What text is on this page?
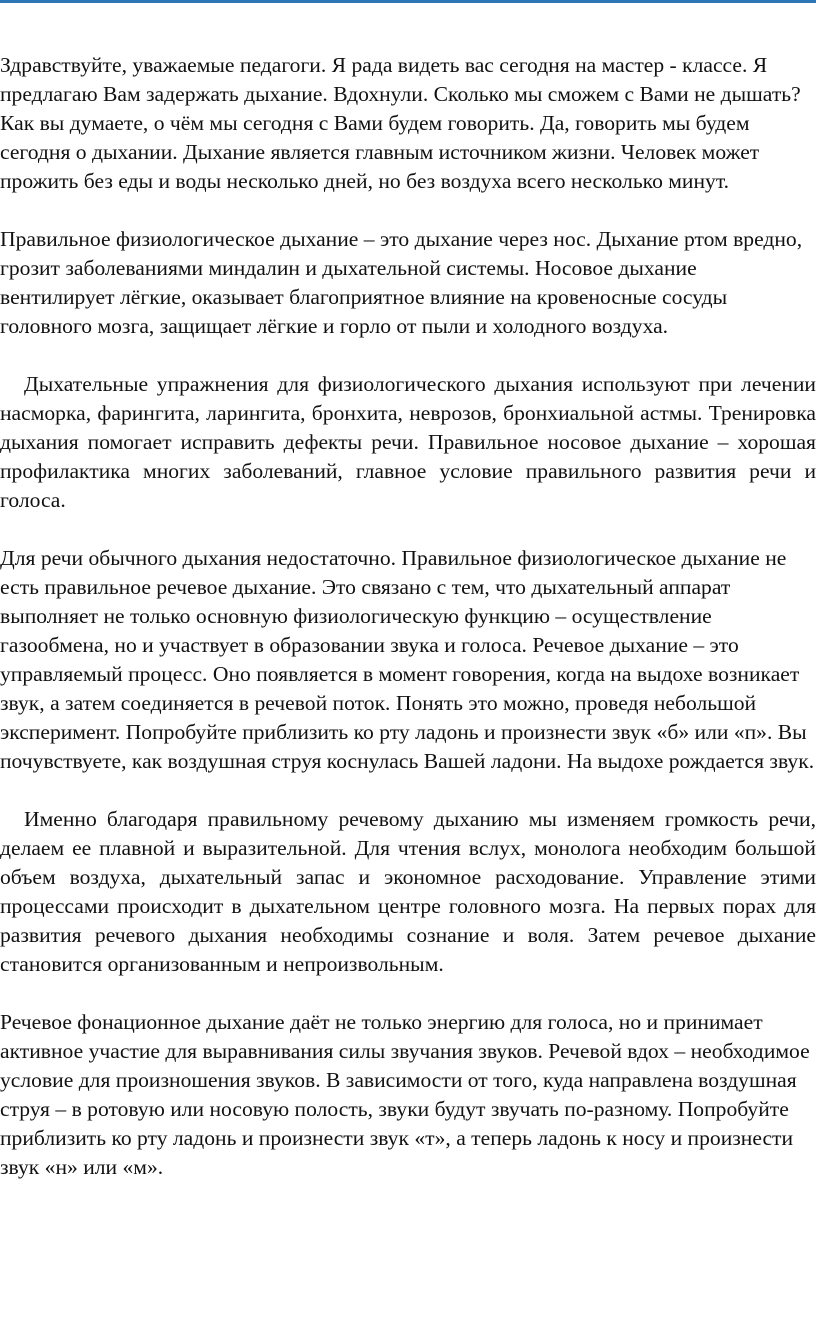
Здравствуйте, уважаемые педагоги. Я рада видеть вас сегодня на мастер - классе. Я предлагаю Вам задержать дыхание. Вдохнули. Сколько мы сможем с Вами не дышать? Как вы думаете, о чём мы сегодня с Вами будем говорить. Да, говорить мы будем сегодня о дыхании. Дыхание является главным источником жизни. Человек может прожить без еды и воды несколько дней, но без воздуха всего несколько минут.

Правильное физиологическое дыхание – это дыхание через нос. Дыхание ртом вредно, грозит заболеваниями миндалин и дыхательной системы. Носовое дыхание вентилирует лёгкие, оказывает благоприятное влияние на кровеносные сосуды головного мозга, защищает лёгкие и горло от пыли и холодного воздуха.

Дыхательные упражнения для физиологического дыхания используют при лечении насморка, фарингита, ларингита, бронхита, неврозов, бронхиальной астмы. Тренировка дыхания помогает исправить дефекты речи. Правильное носовое дыхание – хорошая профилактика многих заболеваний, главное условие правильного развития речи и голоса.

Для речи обычного дыхания недостаточно. Правильное физиологическое дыхание не есть правильное речевое дыхание. Это связано с тем, что дыхательный аппарат выполняет не только основную физиологическую функцию – осуществление газообмена, но и участвует в образовании звука и голоса. Речевое дыхание – это управляемый процесс. Оно появляется в момент говорения, когда на выдохе возникает звук, а затем соединяется в речевой поток. Понять это можно, проведя небольшой эксперимент. Попробуйте приблизить ко рту ладонь и произнести звук «б» или «п». Вы почувствуете, как воздушная струя коснулась Вашей ладони. На выдохе рождается звук.

Именно благодаря правильному речевому дыханию мы изменяем громкость речи, делаем ее плавной и выразительной. Для чтения вслух, монолога необходим большой объем воздуха, дыхательный запас и экономное расходование. Управление этими процессами происходит в дыхательном центре головного мозга. На первых порах для развития речевого дыхания необходимы сознание и воля. Затем речевое дыхание становится организованным и непроизвольным.

Речевое фонационное дыхание даёт не только энергию для голоса, но и принимает активное участие для выравнивания силы звучания звуков. Речевой вдох – необходимое условие для произношения звуков. В зависимости от того, куда направлена воздушная струя – в ротовую или носовую полость, звуки будут звучать по-разному. Попробуйте приблизить ко рту ладонь и произнести звук «т», а теперь ладонь к носу и произнести звук «н» или «м».
